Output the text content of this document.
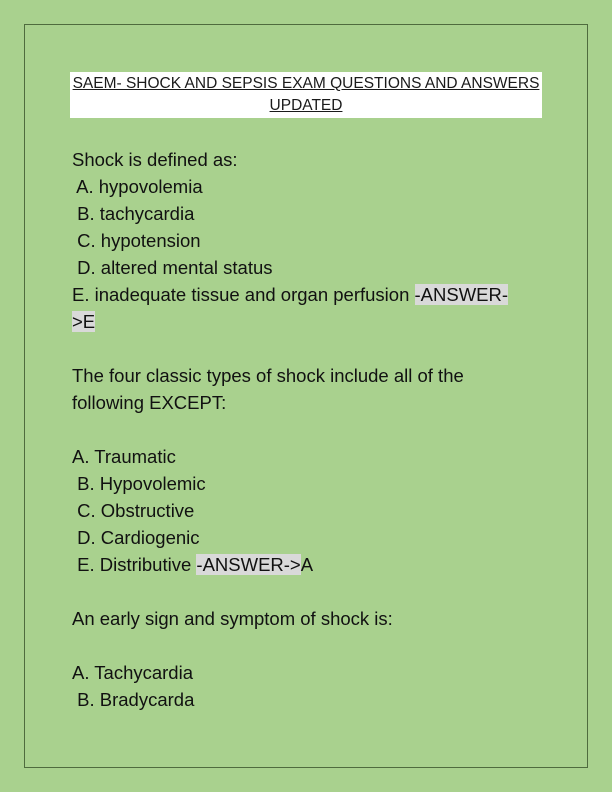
SAEM- SHOCK AND SEPSIS EXAM QUESTIONS AND ANSWERS
UPDATED
Shock is defined as:
A. hypovolemia
B. tachycardia
C. hypotension
D. altered mental status
E. inadequate tissue and organ perfusion -ANSWER-
>E
The four classic types of shock include all of the
following EXCEPT:
A. Traumatic
B. Hypovolemic
C. Obstructive
D. Cardiogenic
E. Distributive -ANSWER->A
An early sign and symptom of shock is:
A. Tachycardia
B. Bradycarda
